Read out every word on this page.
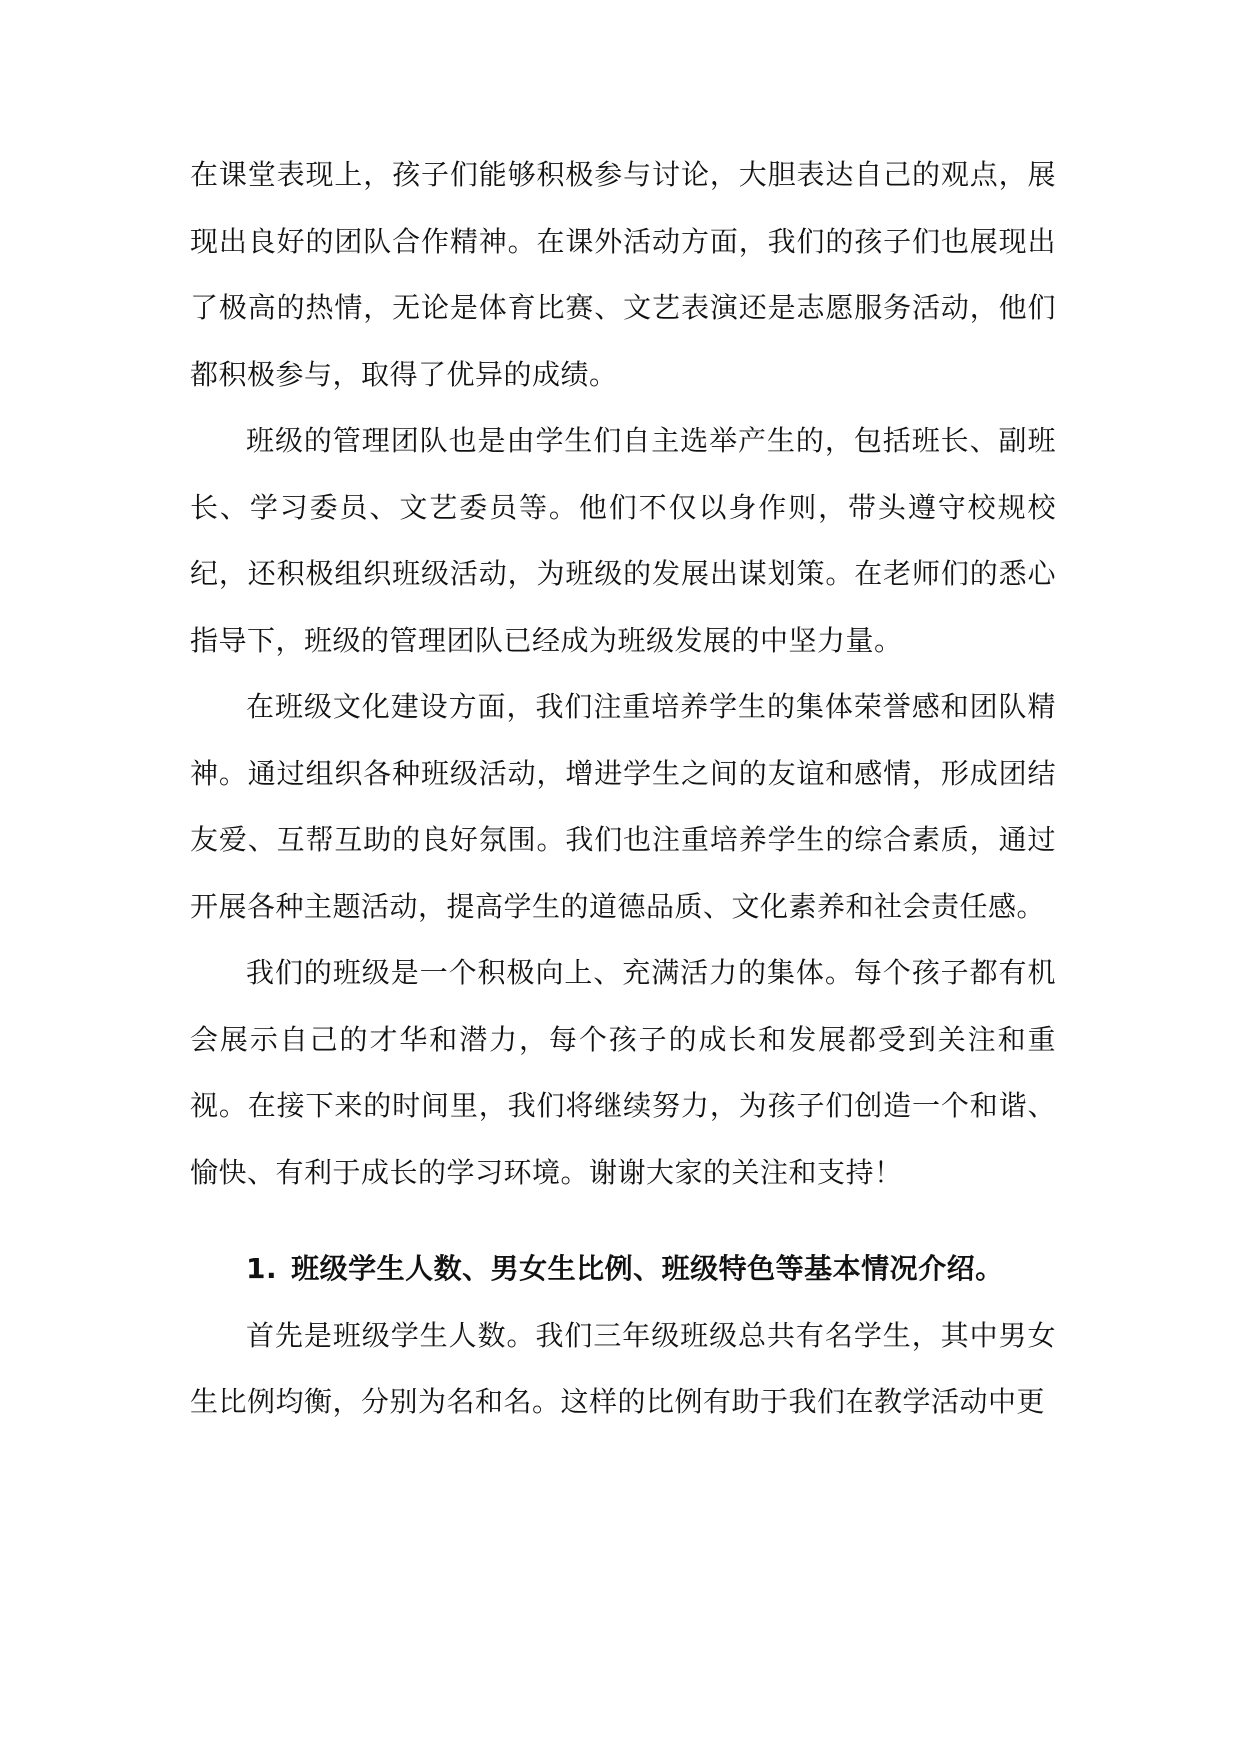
在课堂表现上，孩子们能够积极参与讨论，大胆表达自己的观点，展现出良好的团队合作精神。在课外活动方面，我们的孩子们也展现出了极高的热情，无论是体育比赛、文艺表演还是志愿服务活动，他们都积极参与，取得了优异的成绩。

班级的管理团队也是由学生们自主选举产生的，包括班长、副班长、学习委员、文艺委员等。他们不仅以身作则，带头遵守校规校纪，还积极组织班级活动，为班级的发展出谋划策。在老师们的悉心指导下，班级的管理团队已经成为班级发展的中坚力量。

在班级文化建设方面，我们注重培养学生的集体荣誉感和团队精神。通过组织各种班级活动，增进学生之间的友谊和感情，形成团结友爱、互帮互助的良好氛围。我们也注重培养学生的综合素质，通过开展各种主题活动，提高学生的道德品质、文化素养和社会责任感。

我们的班级是一个积极向上、充满活力的集体。每个孩子都有机会展示自己的才华和潜力，每个孩子的成长和发展都受到关注和重视。在接下来的时间里，我们将继续努力，为孩子们创造一个和谐、愉快、有利于成长的学习环境。谢谢大家的关注和支持！

1. 班级学生人数、男女生比例、班级特色等基本情况介绍。

首先是班级学生人数。我们三年级班级总共有名学生，其中男女生比例均衡，分别为名和名。这样的比例有助于我们在教学活动中更
